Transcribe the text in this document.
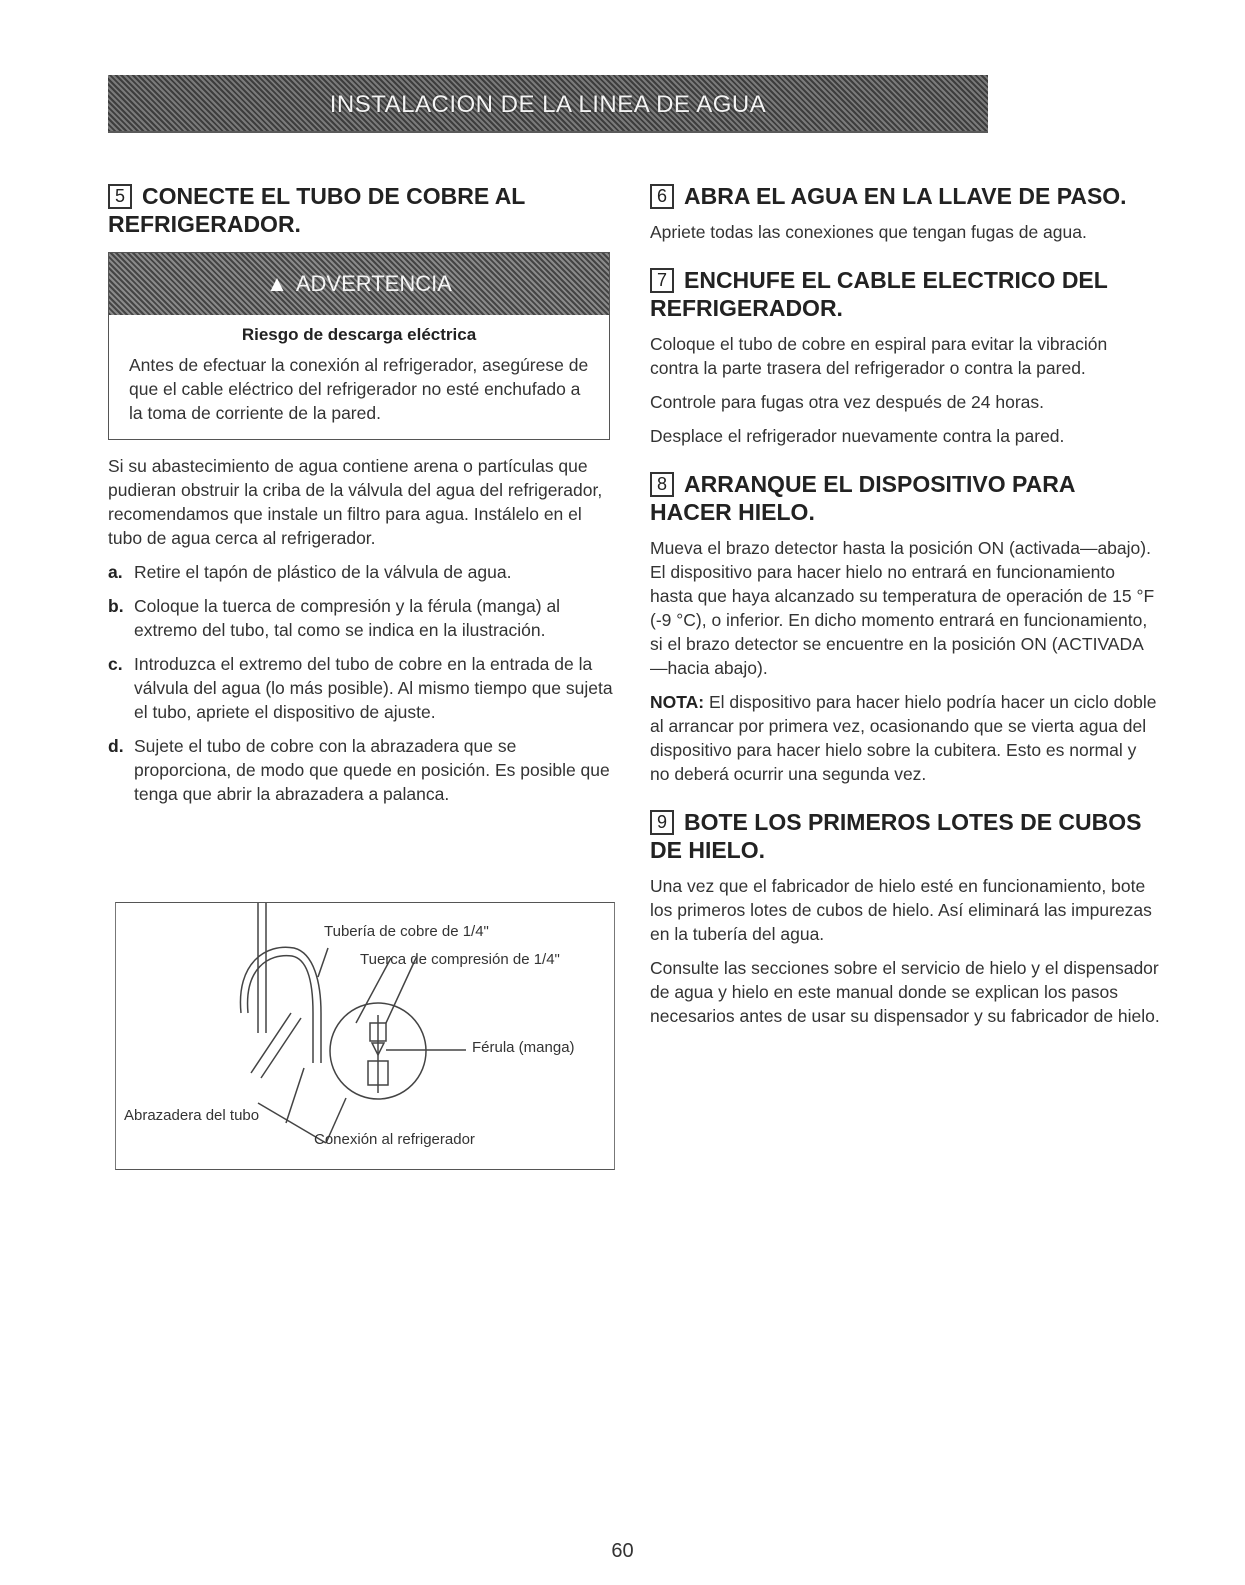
INSTALACION DE LA LINEA DE AGUA
5 CONECTE EL TUBO DE COBRE AL REFRIGERADOR.
▲ ADVERTENCIA
Riesgo de descarga eléctrica
Antes de efectuar la conexión al refrigerador, asegúrese de que el cable eléctrico del refrigerador no esté enchufado a la toma de corriente de la pared.

Si su abastecimiento de agua contiene arena o partículas que pudieran obstruir la criba de la válvula del agua del refrigerador, recomendamos que instale un filtro para agua. Instálelo en el tubo de agua cerca al refrigerador.

a. Retire el tapón de plástico de la válvula de agua.
b. Coloque la tuerca de compresión y la férula (manga) al extremo del tubo, tal como se indica en la ilustración.
c. Introduzca el extremo del tubo de cobre en la entrada de la válvula del agua (lo más posible). Al mismo tiempo que sujeta el tubo, apriete el dispositivo de ajuste.
d. Sujete el tubo de cobre con la abrazadera que se proporciona, de modo que quede en posición. Es posible que tenga que abrir la abrazadera a palanca.
Tubería de cobre de 1/4"
Tuerca de compresión de 1/4"
Férula (manga)
Abrazadera del tubo
Conexión al refrigerador
6 ABRA EL AGUA EN LA LLAVE DE PASO.

Apriete todas las conexiones que tengan fugas de agua.

7 ENCHUFE EL CABLE ELECTRICO DEL REFRIGERADOR.

Coloque el tubo de cobre en espiral para evitar la vibración contra la parte trasera del refrigerador o contra la pared.

Controle para fugas otra vez después de 24 horas.

Desplace el refrigerador nuevamente contra la pared.

8 ARRANQUE EL DISPOSITIVO PARA HACER HIELO.

Mueva el brazo detector hasta la posición ON (activada—abajo). El dispositivo para hacer hielo no entrará en funcionamiento hasta que haya alcanzado su temperatura de operación de 15 °F (-9 °C), o inferior. En dicho momento entrará en funcionamiento, si el brazo detector se encuentre en la posición ON (ACTIVADA—hacia abajo).

NOTA: El dispositivo para hacer hielo podría hacer un ciclo doble al arrancar por primera vez, ocasionando que se vierta agua del dispositivo para hacer hielo sobre la cubitera. Esto es normal y no deberá ocurrir una segunda vez.

9 BOTE LOS PRIMEROS LOTES DE CUBOS DE HIELO.

Una vez que el fabricador de hielo esté en funcionamiento, bote los primeros lotes de cubos de hielo. Así eliminará las impurezas en la tubería del agua.

Consulte las secciones sobre el servicio de hielo y el dispensador de agua y hielo en este manual donde se explican los pasos necesarios antes de usar su dispensador y su fabricador de hielo.

60
